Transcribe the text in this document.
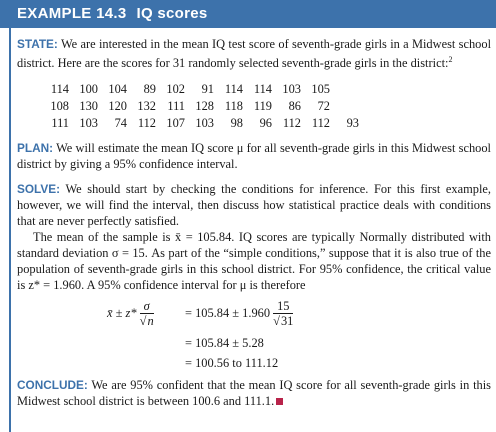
EXAMPLE 14.3 IQ scores

STATE: We are interested in the mean IQ test score of seventh-grade girls in a Midwest school district. Here are the scores for 31 randomly selected seventh-grade girls in the district:$^2$

114 100 104	89 102	91 114 114 103 105
108 130 120 132 111 128 118 119	86	72
111 103	74 112 107 103	98	96 112 112	93

PLAN: We will estimate the mean IQ score μ for all seventh-grade girls in this Midwest school district by giving a 95% confidence interval.

SOLVE: We should start by checking the conditions for inference. For this first example, however, we will find the interval, then discuss how statistical practice deals with conditions that are never perfectly satisfied.

The mean of the sample is x̄ = 105.84. IQ scores are typically Normally distributed with standard deviation σ = 15. As part of the “simple conditions,” suppose that it is also true of the population of seventh-grade girls in this school district. For 95% confidence, the critical value is z* = 1.960. A 95% confidence interval for μ is therefore

x̄ ± $z* \frac{\sigma}{√n}$	= $105.84 \pm 1.960 \frac{15}{√31}$
= 105.84 ± 5.28
= 100.56 to 111.12

CONCLUDE: We are 95% confident that the mean IQ score for all seventh-grade girls in this Midwest school district is between 100.6 and 111.1.
